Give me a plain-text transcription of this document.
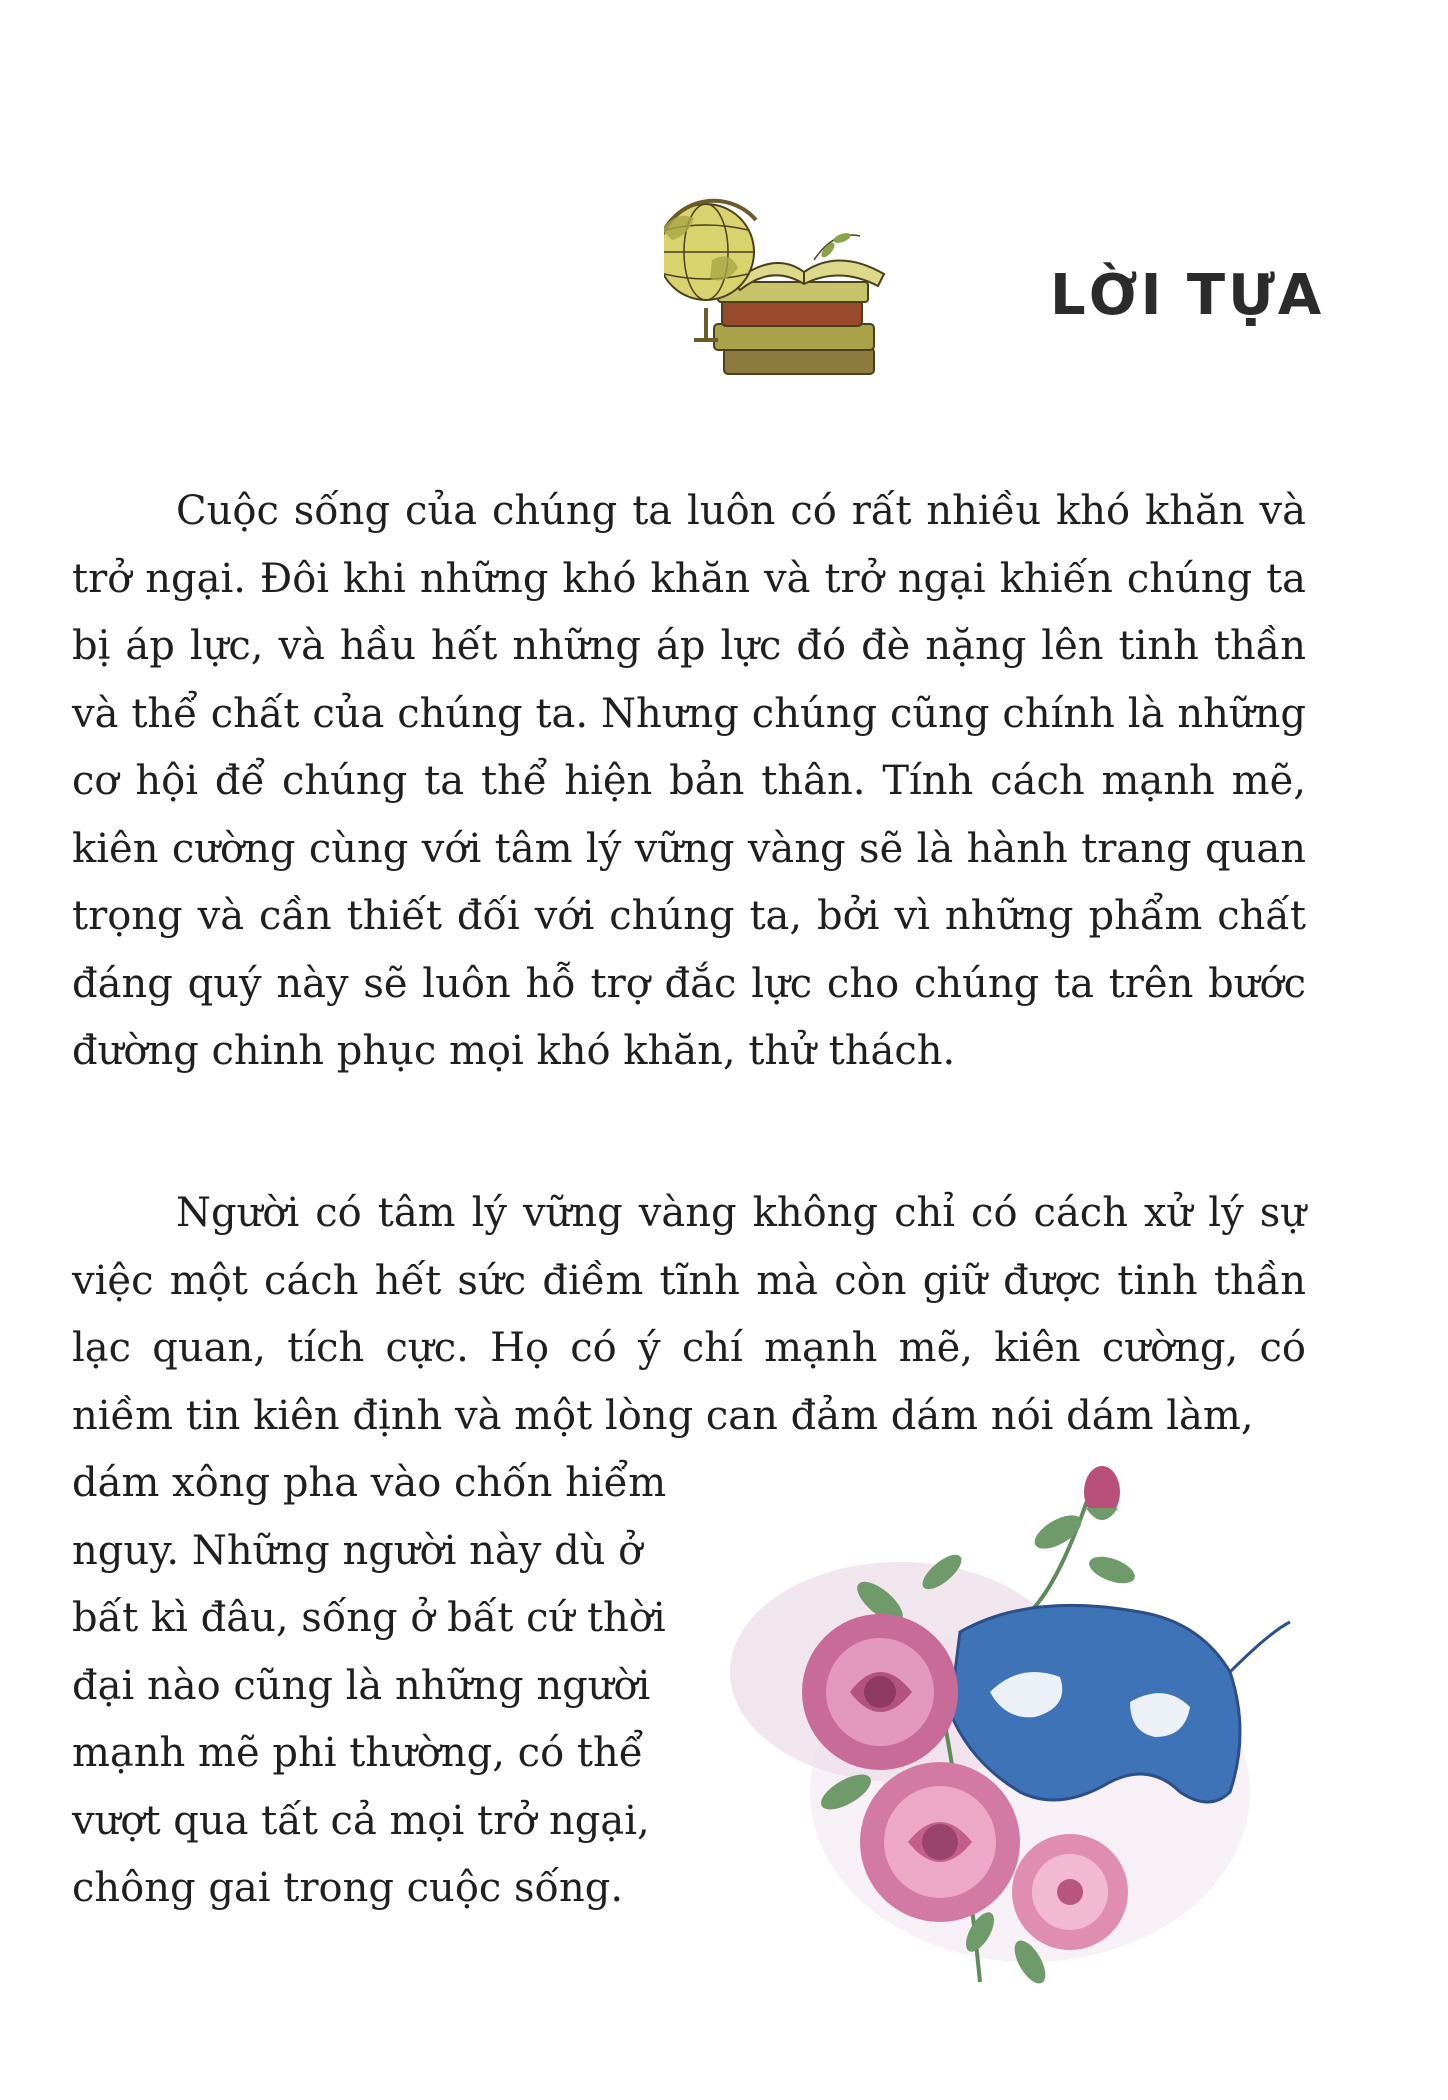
LỜI TỰA

Cuộc sống của chúng ta luôn có rất nhiều khó khăn và trở ngại. Đôi khi những khó khăn và trở ngại khiến chúng ta bị áp lực, và hầu hết những áp lực đó đè nặng lên tinh thần và thể chất của chúng ta. Nhưng chúng cũng chính là những cơ hội để chúng ta thể hiện bản thân. Tính cách mạnh mẽ, kiên cường cùng với tâm lý vững vàng sẽ là hành trang quan trọng và cần thiết đối với chúng ta, bởi vì những phẩm chất đáng quý này sẽ luôn hỗ trợ đắc lực cho chúng ta trên bước đường chinh phục mọi khó khăn, thử thách.

Người có tâm lý vững vàng không chỉ có cách xử lý sự việc một cách hết sức điềm tĩnh mà còn giữ được tinh thần lạc quan, tích cực. Họ có ý chí mạnh mẽ, kiên cường, có niềm tin kiên định và một lòng can đảm dám nói dám làm,

dám xông pha vào chốn hiểm
nguy. Những người này dù ở
bất kì đâu, sống ở bất cứ thời
đại nào cũng là những người
mạnh mẽ phi thường, có thể
vượt qua tất cả mọi trở ngại,
chông gai trong cuộc sống.
